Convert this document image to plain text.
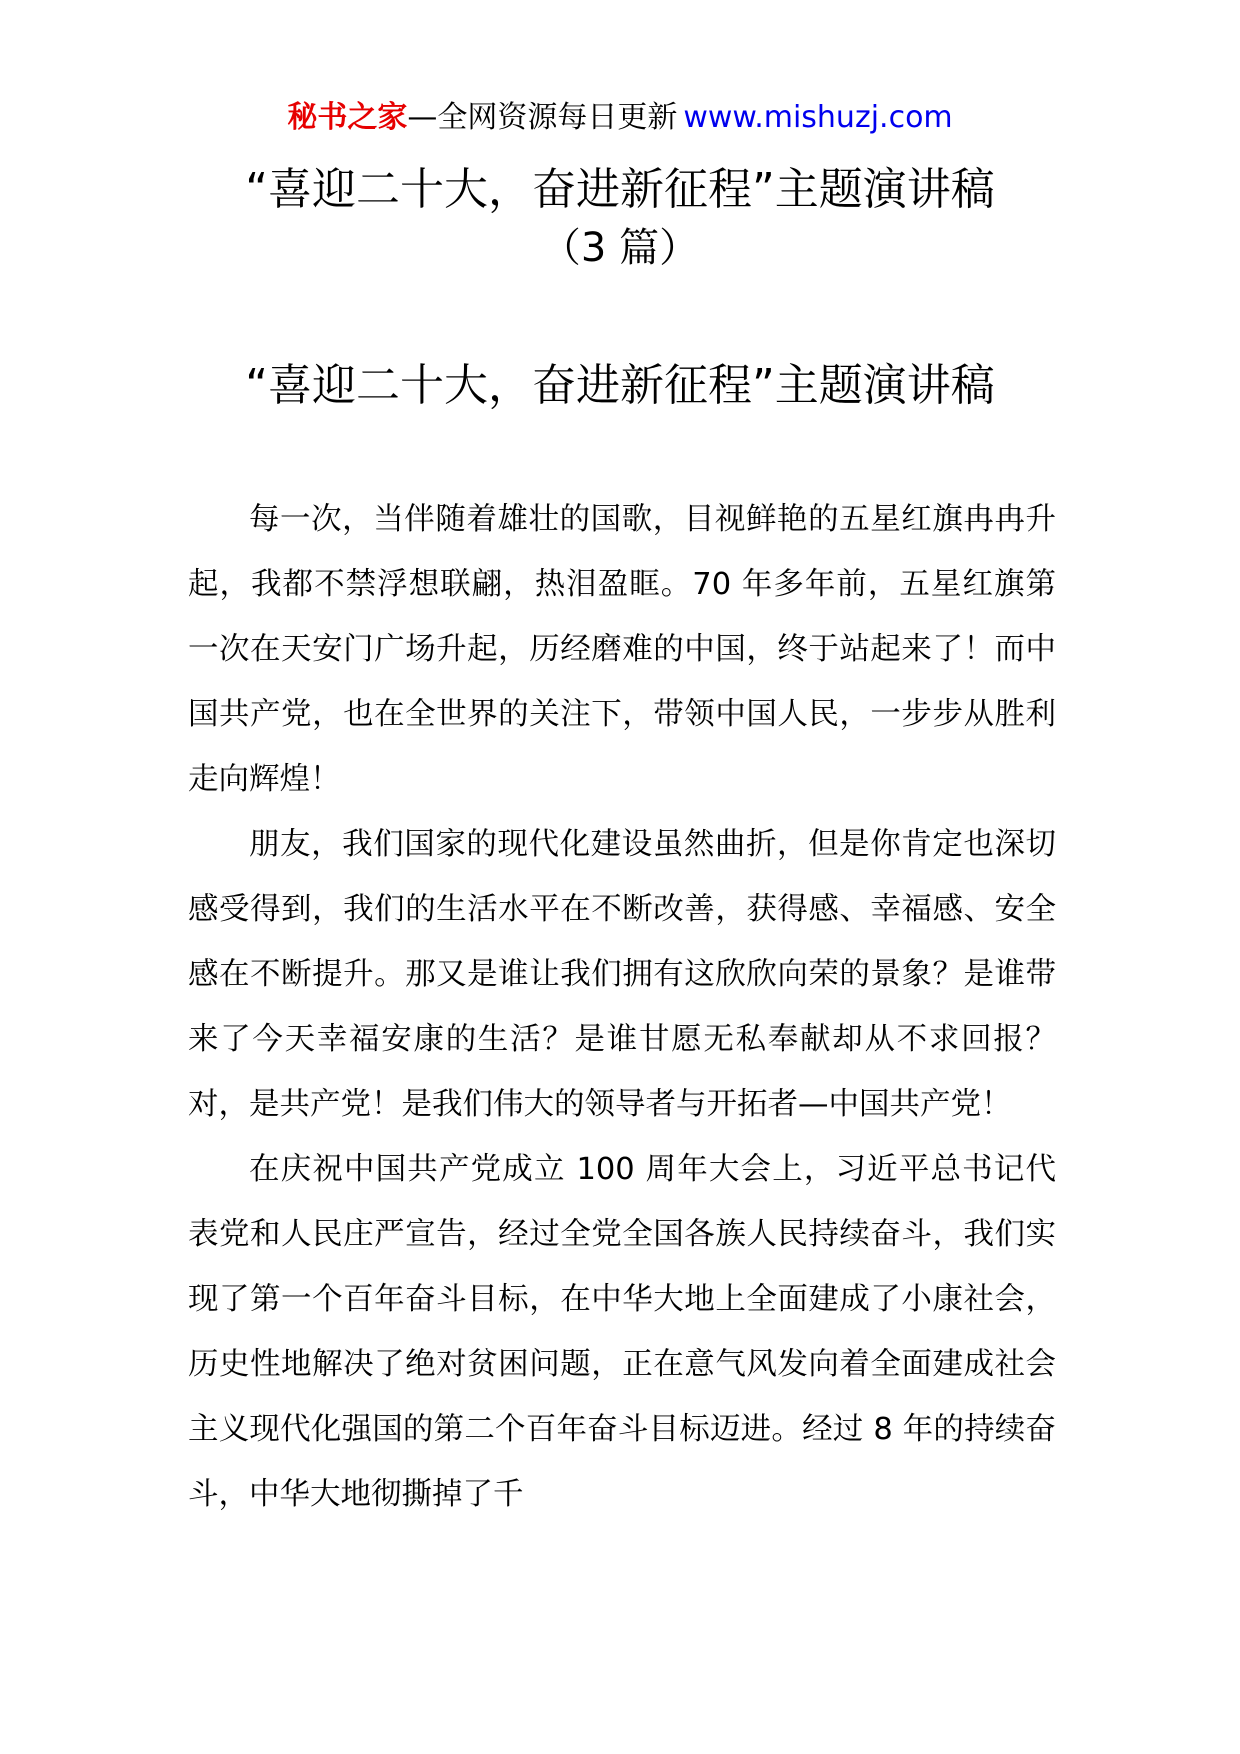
秘书之家—全网资源每日更新 www.mishuzj.com
“喜迎二十大，奋进新征程”主题演讲稿
（3 篇）
“喜迎二十大，奋进新征程”主题演讲稿

每一次，当伴随着雄壮的国歌，目视鲜艳的五星红旗冉冉升起，我都不禁浮想联翩，热泪盈眶。70 年多年前，五星红旗第一次在天安门广场升起，历经磨难的中国，终于站起来了！而中国共产党，也在全世界的关注下，带领中国人民，一步步从胜利走向辉煌！

朋友，我们国家的现代化建设虽然曲折，但是你肯定也深切感受得到，我们的生活水平在不断改善，获得感、幸福感、安全感在不断提升。那又是谁让我们拥有这欣欣向荣的景象？是谁带来了今天幸福安康的生活？是谁甘愿无私奉献却从不求回报？对，是共产党！是我们伟大的领导者与开拓者—中国共产党！

在庆祝中国共产党成立 100 周年大会上，习近平总书记代表党和人民庄严宣告，经过全党全国各族人民持续奋斗，我们实现了第一个百年奋斗目标，在中华大地上全面建成了小康社会，历史性地解决了绝对贫困问题，正在意气风发向着全面建成社会主义现代化强国的第二个百年奋斗目标迈进。经过 8 年的持续奋斗，中华大地彻撕掉了千
